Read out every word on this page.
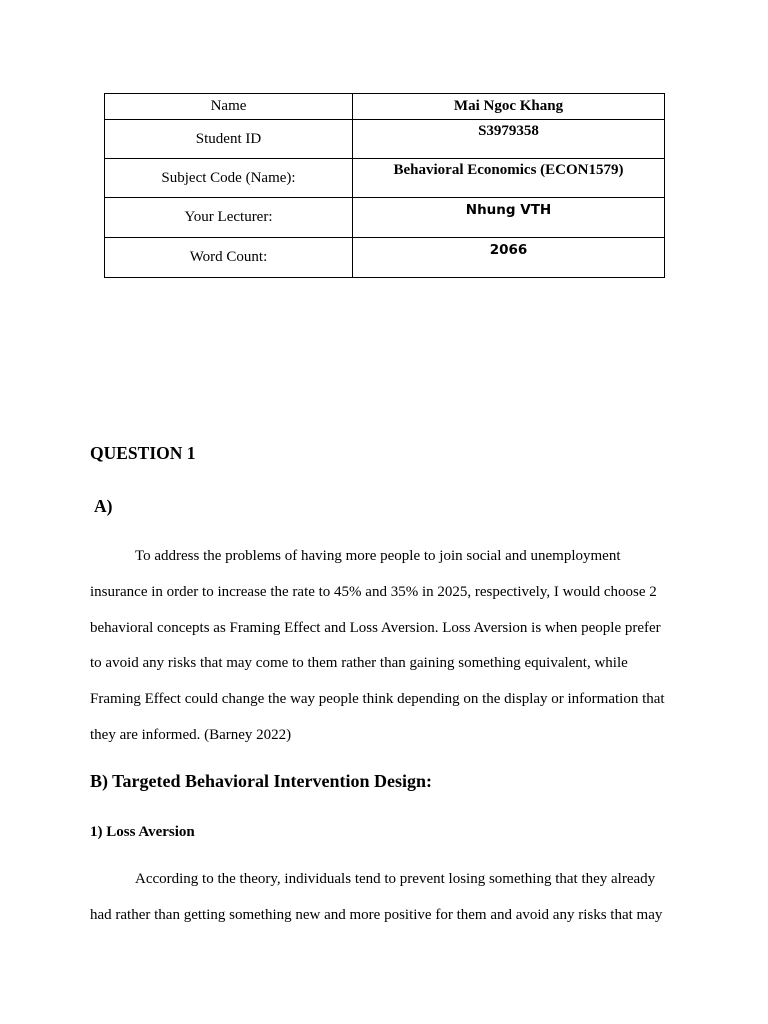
Name	Mai Ngoc Khang
Student ID	S3979358
Subject Code (Name):	Behavioral Economics (ECON1579)
Your Lecturer:	Nhung VTH
Word Count:	2066
QUESTION 1
A)
To address the problems of having more people to join social and unemployment
insurance in order to increase the rate to 45% and 35% in 2025, respectively, I would choose 2
behavioral concepts as Framing Effect and Loss Aversion. Loss Aversion is when people prefer
to avoid any risks that may come to them rather than gaining something equivalent, while
Framing Effect could change the way people think depending on the display or information that
they are informed. (Barney 2022)
B) Targeted Behavioral Intervention Design:
1) Loss Aversion
According to the theory, individuals tend to prevent losing something that they already
had rather than getting something new and more positive for them and avoid any risks that may
